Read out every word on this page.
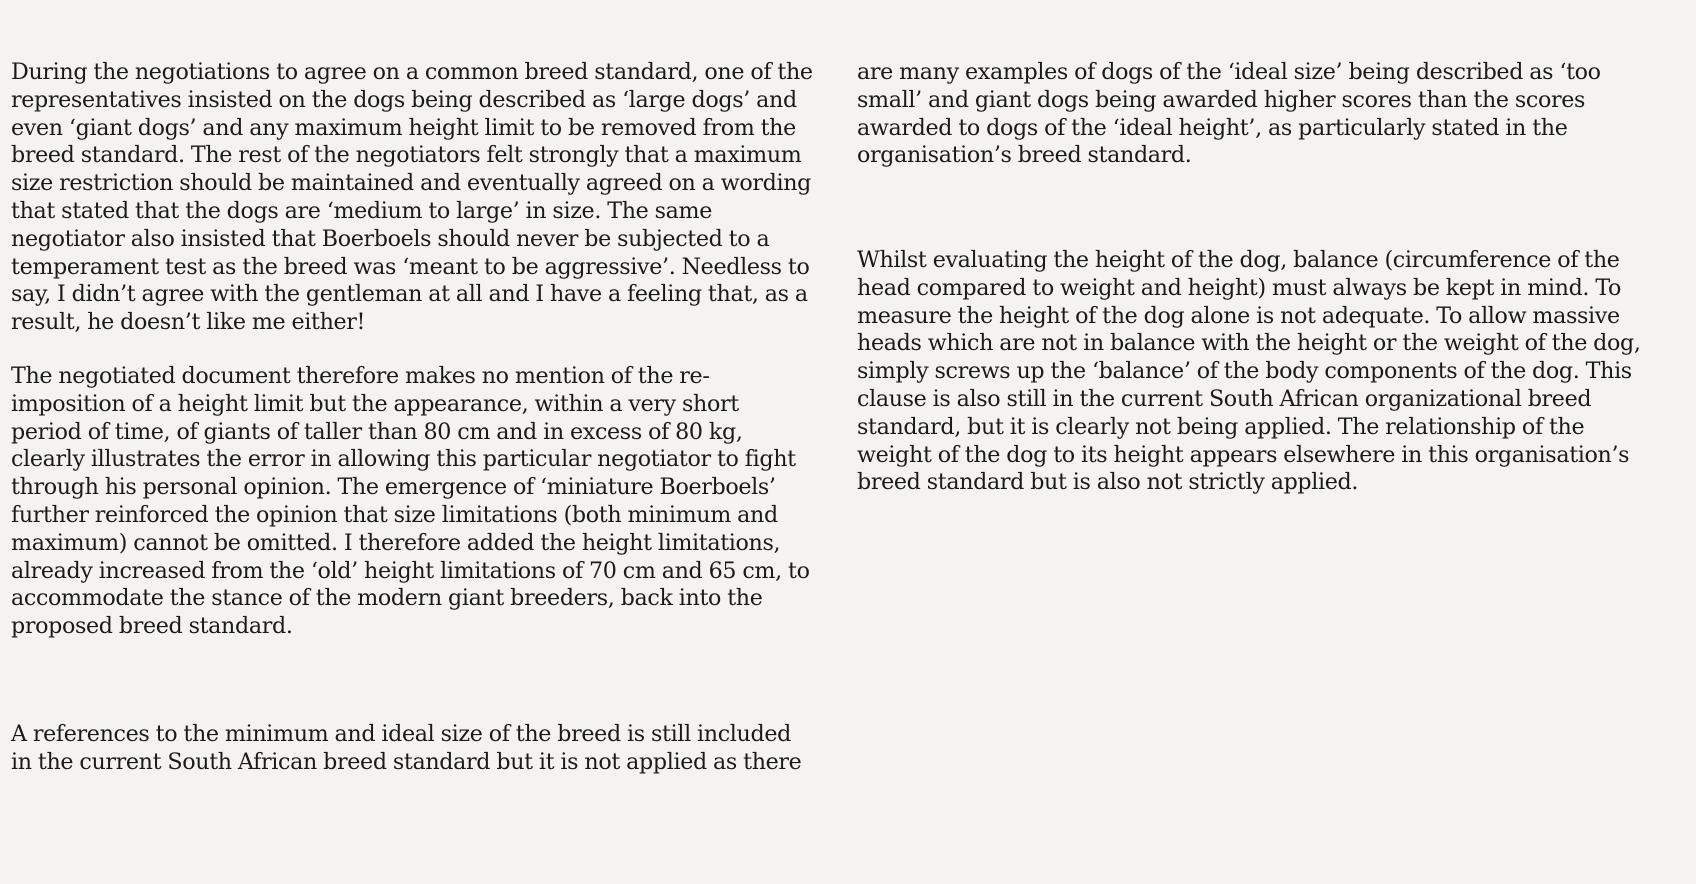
During the negotiations to agree on a common breed standard, one of the
representatives insisted on the dogs being described as ‘large dogs’ and
even ‘giant dogs’ and any maximum height limit to be removed from the
breed standard. The rest of the negotiators felt strongly that a maximum
size restriction should be maintained and eventually agreed on a wording
that stated that the dogs are ‘medium to large’ in size. The same
negotiator also insisted that Boerboels should never be subjected to a
temperament test as the breed was ‘meant to be aggressive’. Needless to
say, I didn’t agree with the gentleman at all and I have a feeling that, as a
result, he doesn’t like me either!

The negotiated document therefore makes no mention of the re-
imposition of a height limit but the appearance, within a very short
period of time, of giants of taller than 80 cm and in excess of 80 kg,
clearly illustrates the error in allowing this particular negotiator to fight
through his personal opinion. The emergence of ‘miniature Boerboels’
further reinforced the opinion that size limitations (both minimum and
maximum) cannot be omitted. I therefore added the height limitations,
already increased from the ‘old’ height limitations of 70 cm and 65 cm, to
accommodate the stance of the modern giant breeders, back into the
proposed breed standard.

A references to the minimum and ideal size of the breed is still included
in the current South African breed standard but it is not applied as there

are many examples of dogs of the ‘ideal size’ being described as ‘too
small’ and giant dogs being awarded higher scores than the scores
awarded to dogs of the ‘ideal height’, as particularly stated in the
organisation’s breed standard.

Whilst evaluating the height of the dog, balance (circumference of the
head compared to weight and height) must always be kept in mind. To
measure the height of the dog alone is not adequate. To allow massive
heads which are not in balance with the height or the weight of the dog,
simply screws up the ‘balance’ of the body components of the dog. This
clause is also still in the current South African organizational breed
standard, but it is clearly not being applied. The relationship of the
weight of the dog to its height appears elsewhere in this organisation’s
breed standard but is also not strictly applied.
